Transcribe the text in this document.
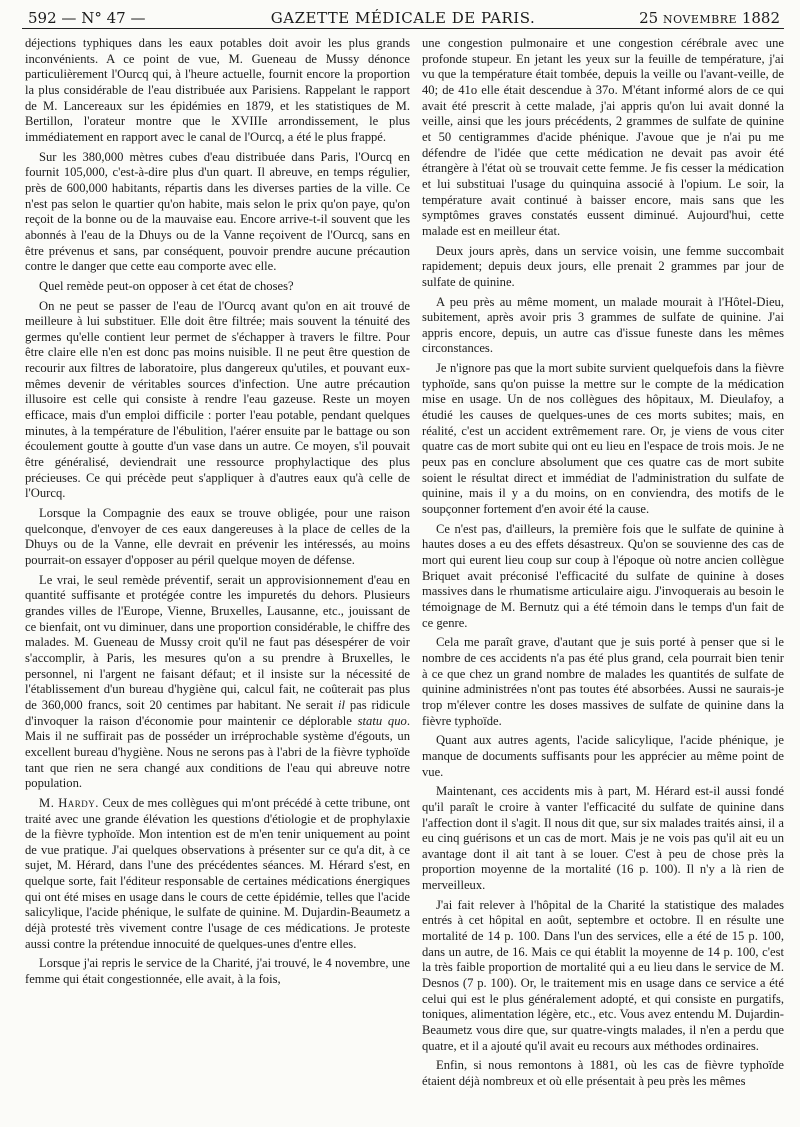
592 — N° 47 —	GAZETTE MÉDICALE DE PARIS.	25 NOVEMBRE 1882

déjections typhiques dans les eaux potables doit avoir les plus grands inconvénients. A ce point de vue, M. Gueneau de Mussy dénonce particulièrement l'Ourcq qui, à l'heure actuelle, fournit encore la proportion la plus considérable de l'eau distribuée aux Parisiens. Rappelant le rapport de M. Lancereaux sur les épidémies en 1879, et les statistiques de M. Bertillon, l'orateur montre que le XVIIIe arrondissement, le plus immédiatement en rapport avec le canal de l'Ourcq, a été le plus frappé.

Sur les 380,000 mètres cubes d'eau distribuée dans Paris, l'Ourcq en fournit 105,000, c'est-à-dire plus d'un quart. Il abreuve, en temps régulier, près de 600,000 habitants, répartis dans les diverses parties de la ville. Ce n'est pas selon le quartier qu'on habite, mais selon le prix qu'on paye, qu'on reçoit de la bonne ou de la mauvaise eau. Encore arrive-t-il souvent que les abonnés à l'eau de la Dhuys ou de la Vanne reçoivent de l'Ourcq, sans en être prévenus et sans, par conséquent, pouvoir prendre aucune précaution contre le danger que cette eau comporte avec elle.

Quel remède peut-on opposer à cet état de choses?

On ne peut se passer de l'eau de l'Ourcq avant qu'on en ait trouvé de meilleure à lui substituer. Elle doit être filtrée; mais souvent la ténuité des germes qu'elle contient leur permet de s'échapper à travers le filtre. Pour être claire elle n'en est donc pas moins nuisible. Il ne peut être question de recourir aux filtres de laboratoire, plus dangereux qu'utiles, et pouvant eux-mêmes devenir de véritables sources d'infection. Une autre précaution illusoire est celle qui consiste à rendre l'eau gazeuse. Reste un moyen efficace, mais d'un emploi difficile : porter l'eau potable, pendant quelques minutes, à la température de l'ébulition, l'aérer ensuite par le battage ou son écoulement goutte à goutte d'un vase dans un autre. Ce moyen, s'il pouvait être généralisé, deviendrait une ressource prophylactique des plus précieuses. Ce qui précède peut s'appliquer à d'autres eaux qu'à celle de l'Ourcq.

Lorsque la Compagnie des eaux se trouve obligée, pour une raison quelconque, d'envoyer de ces eaux dangereuses à la place de celles de la Dhuys ou de la Vanne, elle devrait en prévenir les intéressés, au moins pourrait-on essayer d'opposer au péril quelque moyen de défense.

Le vrai, le seul remède préventif, serait un approvisionnement d'eau en quantité suffisante et protégée contre les impuretés du dehors. Plusieurs grandes villes de l'Europe, Vienne, Bruxelles, Lausanne, etc., jouissant de ce bienfait, ont vu diminuer, dans une proportion considérable, le chiffre des malades. M. Gueneau de Mussy croit qu'il ne faut pas désespérer de voir s'accomplir, à Paris, les mesures qu'on a su prendre à Bruxelles, le personnel, ni l'argent ne faisant défaut; et il insiste sur la nécessité de l'établissement d'un bureau d'hygiène qui, calcul fait, ne coûterait pas plus de 360,000 francs, soit 20 centimes par habitant. Ne serait il pas ridicule d'invoquer la raison d'économie pour maintenir ce déplorable statu quo. Mais il ne suffirait pas de posséder un irréprochable système d'égouts, un excellent bureau d'hygiène. Nous ne serons pas à l'abri de la fièvre typhoïde tant que rien ne sera changé aux conditions de l'eau qui abreuve notre population.

M. Hardy. Ceux de mes collègues qui m'ont précédé à cette tribune, ont traité avec une grande élévation les questions d'étiologie et de prophylaxie de la fièvre typhoïde. Mon intention est de m'en tenir uniquement au point de vue pratique. J'ai quelques observations à présenter sur ce qu'a dit, à ce sujet, M. Hérard, dans l'une des précédentes séances. M. Hérard s'est, en quelque sorte, fait l'éditeur responsable de certaines médications énergiques qui ont été mises en usage dans le cours de cette épidémie, telles que l'acide salicylique, l'acide phénique, le sulfate de quinine. M. Dujardin-Beaumetz a déjà protesté très vivement contre l'usage de ces médications. Je proteste aussi contre la prétendue innocuité de quelques-unes d'entre elles.

Lorsque j'ai repris le service de la Charité, j'ai trouvé, le 4 novembre, une femme qui était congestionnée, elle avait, à la fois,

une congestion pulmonaire et une congestion cérébrale avec une profonde stupeur. En jetant les yeux sur la feuille de température, j'ai vu que la température était tombée, depuis la veille ou l'avant-veille, de 40; de 41o elle était descendue à 37o. M'étant informé alors de ce qui avait été prescrit à cette malade, j'ai appris qu'on lui avait donné la veille, ainsi que les jours précédents, 2 grammes de sulfate de quinine et 50 centigrammes d'acide phénique. J'avoue que je n'ai pu me défendre de l'idée que cette médication ne devait pas avoir été étrangère à l'état où se trouvait cette femme. Je fis cesser la médication et lui substituai l'usage du quinquina associé à l'opium. Le soir, la température avait continué à baisser encore, mais sans que les symptômes graves constatés eussent diminué. Aujourd'hui, cette malade est en meilleur état.

Deux jours après, dans un service voisin, une femme succombait rapidement; depuis deux jours, elle prenait 2 grammes par jour de sulfate de quinine.

A peu près au même moment, un malade mourait à l'Hôtel-Dieu, subitement, après avoir pris 3 grammes de sulfate de quinine. J'ai appris encore, depuis, un autre cas d'issue funeste dans les mêmes circonstances.

Je n'ignore pas que la mort subite survient quelquefois dans la fièvre typhoïde, sans qu'on puisse la mettre sur le compte de la médication mise en usage. Un de nos collègues des hôpitaux, M. Dieulafoy, a étudié les causes de quelques-unes de ces morts subites; mais, en réalité, c'est un accident extrêmement rare. Or, je viens de vous citer quatre cas de mort subite qui ont eu lieu en l'espace de trois mois. Je ne peux pas en conclure absolument que ces quatre cas de mort subite soient le résultat direct et immédiat de l'administration du sulfate de quinine, mais il y a du moins, on en conviendra, des motifs de le soupçonner fortement d'en avoir été la cause.

Ce n'est pas, d'ailleurs, la première fois que le sulfate de quinine à hautes doses a eu des effets désastreux. Qu'on se souvienne des cas de mort qui eurent lieu coup sur coup à l'époque où notre ancien collègue Briquet avait préconisé l'efficacité du sulfate de quinine à doses massives dans le rhumatisme articulaire aigu. J'invoquerais au besoin le témoignage de M. Bernutz qui a été témoin dans le temps d'un fait de ce genre.

Cela me paraît grave, d'autant que je suis porté à penser que si le nombre de ces accidents n'a pas été plus grand, cela pourrait bien tenir à ce que chez un grand nombre de malades les quantités de sulfate de quinine administrées n'ont pas toutes été absorbées. Aussi ne saurais-je trop m'élever contre les doses massives de sulfate de quinine dans la fièvre typhoïde.

Quant aux autres agents, l'acide salicylique, l'acide phénique, je manque de documents suffisants pour les apprécier au même point de vue.

Maintenant, ces accidents mis à part, M. Hérard est-il aussi fondé qu'il paraît le croire à vanter l'efficacité du sulfate de quinine dans l'affection dont il s'agit. Il nous dit que, sur six malades traités ainsi, il a eu cinq guérisons et un cas de mort. Mais je ne vois pas qu'il ait eu un avantage dont il ait tant à se louer. C'est à peu de chose près la proportion moyenne de la mortalité (16 p. 100). Il n'y a là rien de merveilleux.

J'ai fait relever à l'hôpital de la Charité la statistique des malades entrés à cet hôpital en août, septembre et octobre. Il en résulte une mortalité de 14 p. 100. Dans l'un des services, elle a été de 15 p. 100, dans un autre, de 16. Mais ce qui établit la moyenne de 14 p. 100, c'est la très faible proportion de mortalité qui a eu lieu dans le service de M. Desnos (7 p. 100). Or, le traitement mis en usage dans ce service a été celui qui est le plus généralement adopté, et qui consiste en purgatifs, toniques, alimentation légère, etc., etc. Vous avez entendu M. Dujardin-Beaumetz vous dire que, sur quatre-vingts malades, il n'en a perdu que quatre, et il a ajouté qu'il avait eu recours aux méthodes ordinaires.

Enfin, si nous remontons à 1881, où les cas de fièvre typhoïde étaient déjà nombreux et où elle présentait à peu près les mêmes
